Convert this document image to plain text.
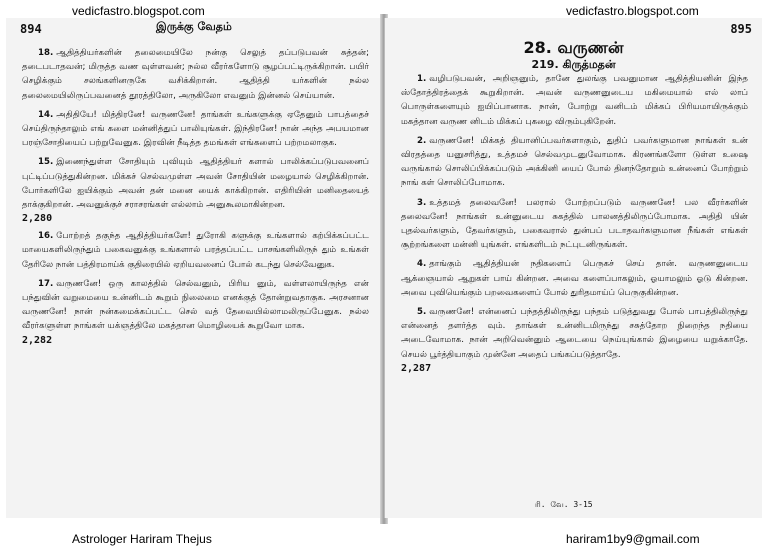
894	இருக்கு வேதம்
18. ஆதித்தியர்களின் தலைமையிலே நன்கு செலுத் தப்படுபவன் சுத்தன்; தடைபடாதவன்; மிருத்த வண வுள்ளவன்; நல்ல வீரர்களோடு சூழப்பட்டிருக்கிறான். பயிர் செழிக்கும் சலங்களினருகே வசிக்கிறான். ஆதித்தி யர்களின் நல்ல தலைமையிலிருப்பவனைத் தூரத்திலோ, அருகிலோ எவனும் இன்னல் செய்யான்.
14. அதிதியே! மித்திரனே! வருணனே! தாங்கள் உங்களுக்கு ஏதேனும் பாபத்தைச் செய்திருந்தாலும் எங் களை மன்னித்துப் பாலியுங்கள். இந்திரனே! நான் அந்த அபயமான பரஞ்சோதியைப் பற்றுவேனுக. இரவின் நீடித்த தமங்கள் எங்களைப் பற்றமலாகுக.
15. இணைந்துள்ள சோதியும் புவியும் ஆதித்தியர் களால் பாலிக்கப்படுபவனைப் புட்டிப்படுத்துகின்றன. மிக்கச் செல்வமுள்ள அவன் சோதியின் மழையால் செழிக்கிறான். போர்களிலே ஐயிக்கும் அவன் தன் மனை யைக் காக்கிறான். எதிரியின் மனிதையைத் தாக்குகிறான். அவனுக்குச் சராசரங்கள் எல்லாம் அனுகூலமாகின்றன.
2,280
16. போற்றத் தகுந்த ஆதித்தியர்களே! துரோகி களுக்கு உங்களால் கற்பிக்கப்பட்ட மாயைகளிலிருந்தும் பகைவனுக்கு உங்களால் பரத்தப்பட்ட பாசங்களிலிருந் தும் உங்கள் தேரிலே நான் பத்திரமாய்க் குதிரையில் ஏறியவனைப் போல் கடந்து செல்வேனுக.
17. வருணனே! ஒரு காலத்தில் செல்வனும், பிரிய னும், வள்ளலாயிருந்த என் பந்துவின் வறுமையை உன்னிடம் கூறும் நிலைமை எனக்குத் தோன்றுவதாகுக. அரசனான வருணனே! நான் நன்கமைக்கப்பட்ட செல் வத் தேவையில்லாமலிருப்பேனுக. நல்ல வீரர்களுள்ள நாங்கள் யக்ஞத்திலே மகத்தான மொழியைக் கூறுவோ மாக.
2,282
895
28. வருணன்
219. கிருத்மதன்
1. வழிபடுபவன், அறிஞனும், தானே துலங்கு பவனுமான ஆதித்தியனின் இந்த ஸ்தோத்திரத்தைக் கூறுகிறான். அவன் வருணனுடைய மகிமையால் எல் லாப் பொருள்களையும் ஐயிப்பானாக. நான், போற்று வனிடம் மிக்கப் பிரியமாயிருக்கும் மகத்தான வருண னிடம் மிக்கப் புகழை விரும்புகிறேன்.
2. வருணனே! மிக்கத் தியானிப்பவர்களாகும், துதிப் பவர்களுமான நாங்கள் உன் விரதத்தை யனுசரித்து, உத்தமச் செல்வமுடனுவோமாக. கிரணங்களோ டுள்ள உஷை வருங்கால் சொலிப்பிக்கப்படும் அக்கினி யைப் போல் தினந்தோறும் உன்னைப் போற்றும் நாங் கள் சொலிப்போமாக.
3. உத்தமத் தலைவனே! பலரால் போற்றப்படும் வருணனே! பல வீரர்களின் தலைவனே! நாங்கள் உன்னுடைய சுகத்தில் பாலனத்திலிருப்போமாக. அதிதி யின் புதல்வர்களும், தேவர்களும், பகைவரால் துன்பப் படாதவர்களுமான நீங்கள் எங்கள் சூற்றங்களை மன்னி யுங்கள். எங்களிடம் நட்புடனிருங்கள்.
4. தாங்கும் ஆதித்தியன் நதிகளைப் பெருகச் செய் தான். வருணனுடைய ஆக்ஞையால் ஆறுகள் பாய் கின்றன. அவை களைப்பாகலும், ஓயாமலும் ஓடு கின்றன. அவை புவியெங்கும் பறவைகளைப் போல் துரிதமாய்ப் பெருகுகின்றன.
5. வருணனே! என்னைப் பந்தத்திலிருந்து பந்தம் படுத்துவது போல் பாபத்திலிருந்து என்னைத் தளர்த்த வும். தாங்கள் உன்னிடமிருந்து சசுத்தோற நிறைந்த நதியை அடைவோமாக. நான் அறிவென்னும் ஆடையை நெய்யுங்கால் இழையை யறுக்காதே. செயல் பூர்த்தியாகும் முன்னே அதைப் பங்கப்படுத்தாதே.
2,287
ரி. வே. 3-15
vedicfastro.blogspot.com	vedicfastro.blogspot.com
Astrologer Hariram Thejus	hariram1by9@gmail.com
